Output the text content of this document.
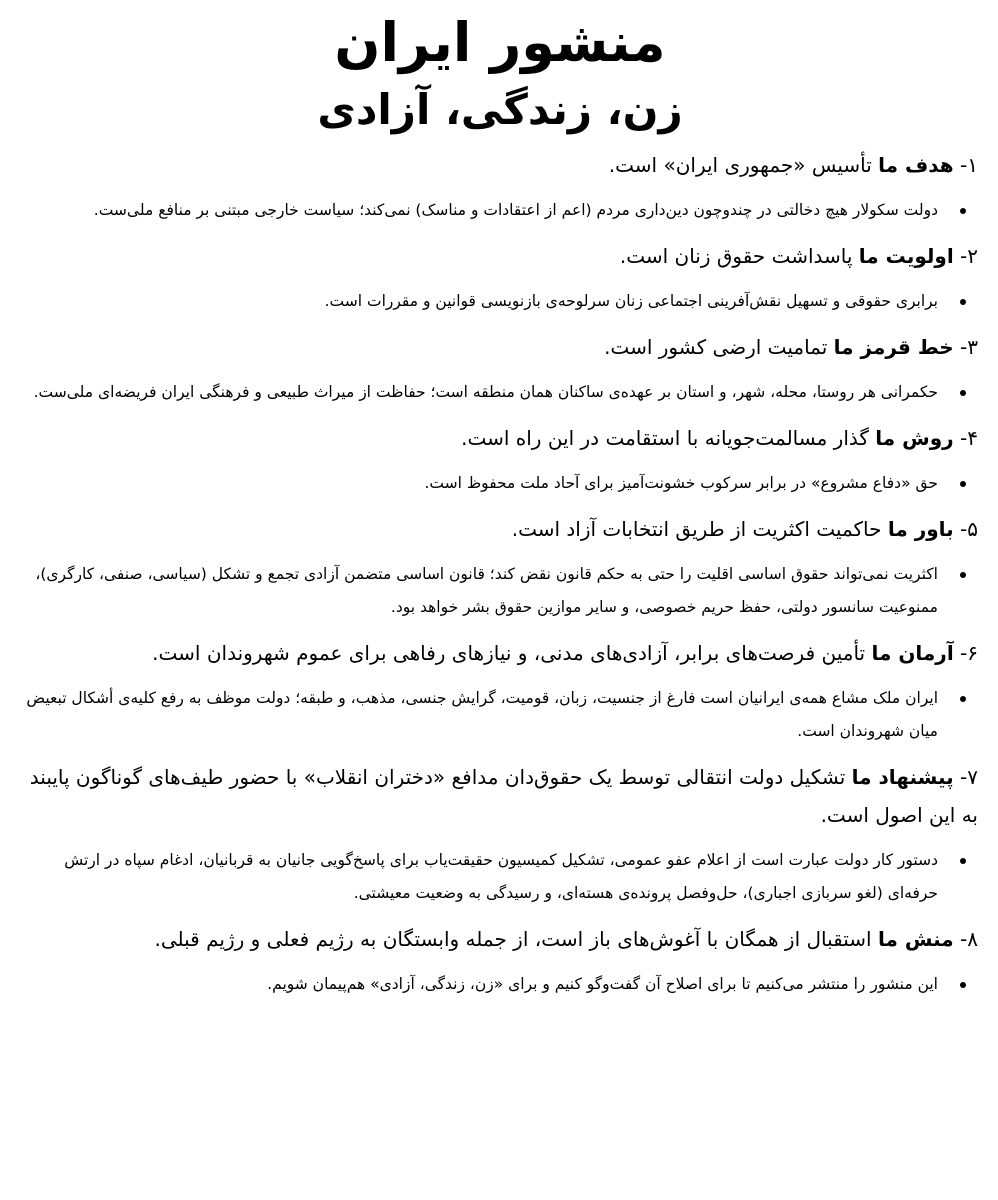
منشور ایران
زن، زندگی، آزادی

۱- هدف ما تأسیس «جمهوری ایران» است.

دولت سکولار هیچ دخالتی در چندوچون دین‌داری مردم (اعم از اعتقادات و مناسک) نمی‌کند؛ سیاست خارجی مبتنی بر منافع ملی‌ست.

۲- اولویت ما پاسداشت حقوق زنان است.

برابری حقوقی و تسهیل نقش‌آفرینی اجتماعی زنان سرلوحه‌ی بازنویسی قوانین و مقررات است.

۳- خط قرمز ما تمامیت ارضی کشور است.

حکمرانی هر روستا، محله، شهر، و استان بر عهده‌ی ساکنان همان منطقه است؛ حفاظت از میراث طبیعی و فرهنگی ایران فریضه‌ای ملی‌ست.

۴- روش ما گذار مسالمت‌جویانه با استقامت در این راه است.

حق «دفاع مشروع» در برابر سرکوب خشونت‌آمیز برای آحاد ملت محفوظ است.

۵- باور ما حاکمیت اکثریت از طریق انتخابات آزاد است.

اکثریت نمی‌تواند حقوق اساسی اقلیت را حتی به حکم قانون نقض کند؛ قانون اساسی متضمن آزادی تجمع و تشکل (سیاسی، صنفی، کارگری)، ممنوعیت سانسور دولتی، حفظ حریم خصوصی، و سایر موازین حقوق بشر خواهد بود.

۶- آرمان ما تأمین فرصت‌های برابر، آزادی‌های مدنی، و نیازهای رفاهی برای عموم شهروندان است.

ایران ملک مشاع همه‌ی ایرانیان است فارغ از جنسیت، زبان، قومیت، گرایش جنسی، مذهب، و طبقه؛ دولت موظف به رفع کلیه‌ی أشکال تبعیض میان شهروندان است.

۷- پیشنهاد ما تشکیل دولت انتقالی توسط یک حقوق‌دان مدافع «دختران انقلاب» با حضور طیف‌های گوناگون پایبند به این اصول است.

دستور کار دولت عبارت است از اعلام عفو عمومی، تشکیل کمیسیون حقیقت‌یاب برای پاسخ‌گویی جانیان به قربانیان، ادغام سپاه در ارتش حرفه‌ای (لغو سربازی اجباری)، حل‌وفصل پرونده‌ی هسته‌ای، و رسیدگی به وضعیت معیشتی.

۸- منش ما استقبال از همگان با آغوش‌های باز است، از جمله وابستگان به رژیم فعلی و رژیم قبلی.

این منشور را منتشر می‌کنیم تا برای اصلاح آن گفت‌وگو کنیم و برای «زن، زندگی، آزادی» هم‌پیمان شویم.
